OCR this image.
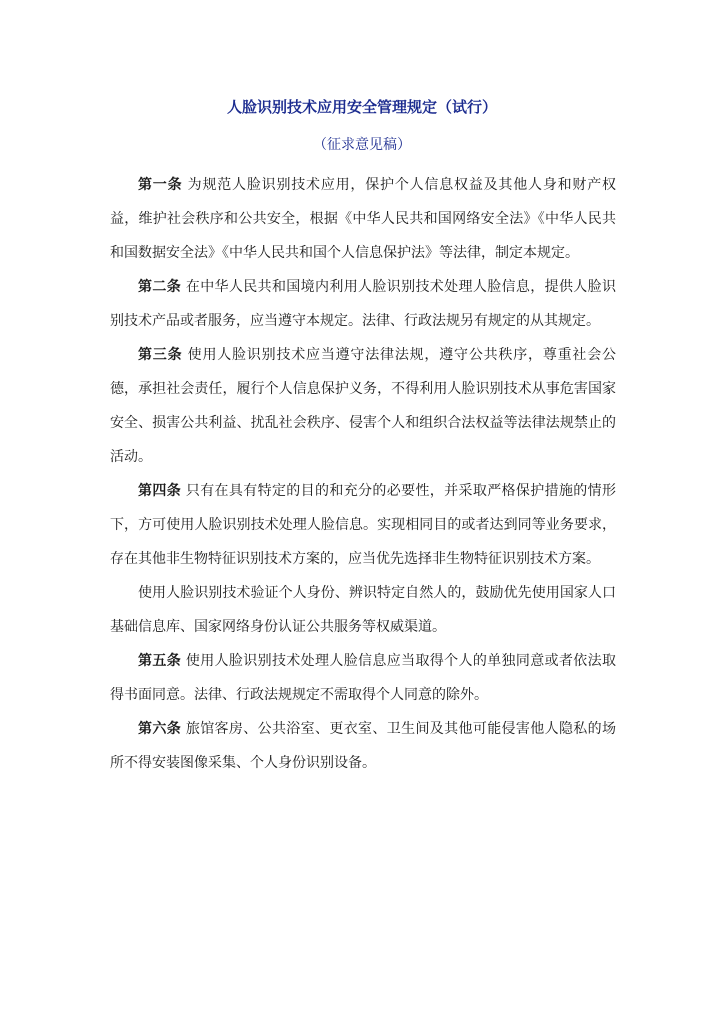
人脸识别技术应用安全管理规定（试行）
（征求意见稿）

第一条 为规范人脸识别技术应用，保护个人信息权益及其他人身和财产权益，维护社会秩序和公共安全，根据《中华人民共和国网络安全法》《中华人民共和国数据安全法》《中华人民共和国个人信息保护法》等法律，制定本规定。

第二条 在中华人民共和国境内利用人脸识别技术处理人脸信息，提供人脸识别技术产品或者服务，应当遵守本规定。法律、行政法规另有规定的从其规定。

第三条 使用人脸识别技术应当遵守法律法规，遵守公共秩序，尊重社会公德，承担社会责任，履行个人信息保护义务，不得利用人脸识别技术从事危害国家安全、损害公共利益、扰乱社会秩序、侵害个人和组织合法权益等法律法规禁止的活动。

第四条 只有在具有特定的目的和充分的必要性，并采取严格保护措施的情形下，方可使用人脸识别技术处理人脸信息。实现相同目的或者达到同等业务要求，存在其他非生物特征识别技术方案的，应当优先选择非生物特征识别技术方案。

使用人脸识别技术验证个人身份、辨识特定自然人的，鼓励优先使用国家人口基础信息库、国家网络身份认证公共服务等权威渠道。

第五条 使用人脸识别技术处理人脸信息应当取得个人的单独同意或者依法取得书面同意。法律、行政法规规定不需取得个人同意的除外。

第六条 旅馆客房、公共浴室、更衣室、卫生间及其他可能侵害他人隐私的场所不得安装图像采集、个人身份识别设备。
